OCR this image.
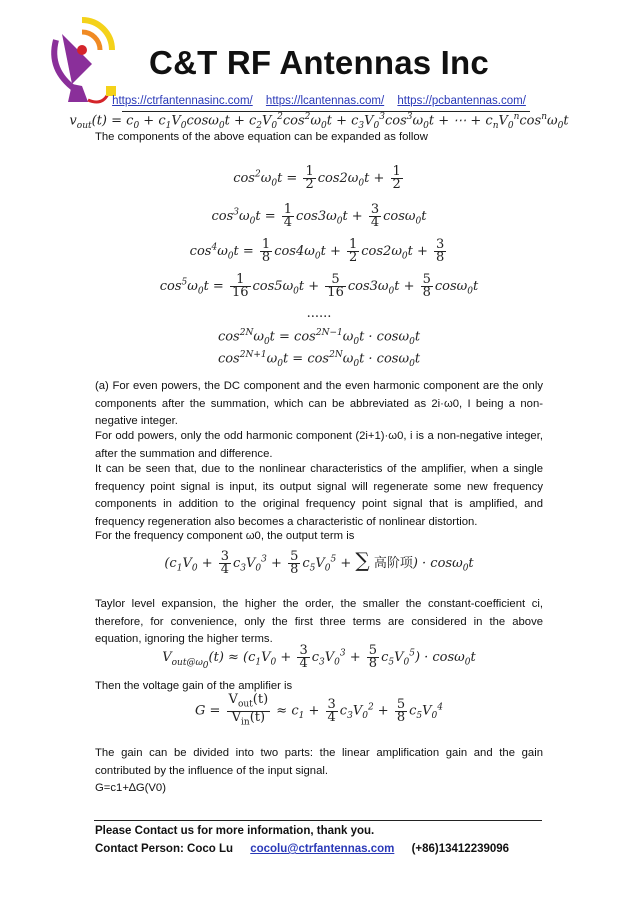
C&T RF Antennas Inc
https://ctrfantennasinc.com/ https://lcantennas.com/ https://pcbantennas.com/
$v_{out}(t) = c_0 + c_1V_0\cos\omega_0t + c_2V_0^2\cos^2\omega_0t + c_3V_0^3\cos^3\omega_0t$ + ⋯ + $c_nV_0^n\cos^n\omega_0t$
The components of the above equation can be expanded as follow
$\cos^2\omega_0t = \frac{1}{2} \cos 2\omega_0t + \frac{1}{2}$
$\cos^3\omega_0t = \frac{1}{4} \cos 3\omega_0t + \frac{3}{4} \cos\omega_0t$
$\cos^4\omega_0t = \frac{1}{8} \cos 4\omega_0t + \frac{1}{2} \cos 2\omega_0t + \frac{3}{8}$
$\cos^5\omega_0t = \frac{1}{16} \cos 5\omega_0t + \frac{5}{16} \cos 3\omega_0t + \frac{5}{8} \cos\omega_0t$
......
$\cos^{2N}\omega_0t = \cos^{2N-1}\omega_0t \cdot \cos\omega_0t$
$\cos^{2N+1}\omega_0t = \cos^{2N}\omega_0t \cdot \cos\omega_0t$
(a) For even powers, the DC component and the even harmonic component are the only components after the summation, which can be abbreviated as 2i·ω0, I being a non-negative integer.
For odd powers, only the odd harmonic component (2i+1)·ω0, i is a non-negative integer, after the summation and difference.
It can be seen that, due to the nonlinear characteristics of the amplifier, when a single frequency point signal is input, its output signal will regenerate some new frequency components in addition to the original frequency point signal that is amplified, and frequency regeneration also becomes a characteristic of nonlinear distortion.
For the frequency component ω0, the output term is
($c_1V_0 + \frac{3}{4} c_3V_0^3 + \frac{5}{8} c_5V_0^5$ + ∑ 高阶项) · cosω$_0$t
Taylor level expansion, the higher the order, the smaller the constant-coefficient ci, therefore, for convenience, only the first three terms are considered in the above equation, ignoring the higher terms.
$V_{out@\omega_0}(t) \approx (c_1V_0 + \frac{3}{4} c_3V_0^3 + \frac{5}{8} c_5V_0^5) \cdot \cos\omega_0t$
Then the voltage gain of the amplifier is
$G = \frac{V_{out}(t)}{V_{in}(t)} \approx c_1 + \frac{3}{4} c_3V_0^2 + \frac{5}{8} c_5V_0^4$
The gain can be divided into two parts: the linear amplification gain and the gain contributed by the influence of the input signal.
G=c1+∆G(V0)
Please Contact us for more information, thank you.
Contact Person: Coco Lu cocolu@ctrfantennas.com (+86)13412239096
